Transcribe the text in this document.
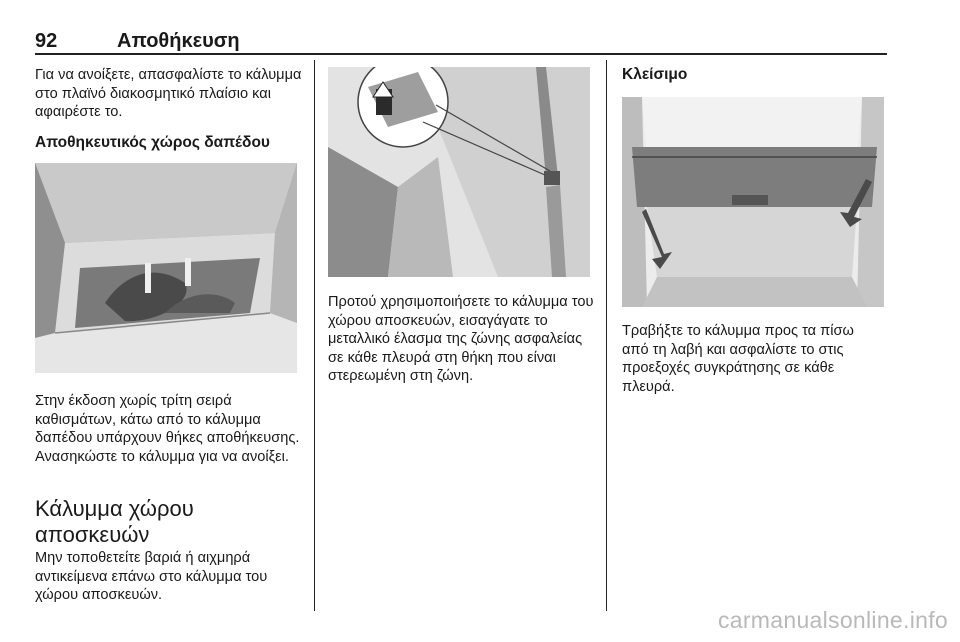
92	Αποθήκευση

Για να ανοίξετε, απασφαλίστε το κάλυμμα στο πλαϊνό διακοσμητικό πλαίσιο και αφαιρέστε το.

Αποθηκευτικός χώρος δαπέδου

Στην έκδοση χωρίς τρίτη σειρά καθισμάτων, κάτω από το κάλυμμα δαπέδου υπάρχουν θήκες αποθήκευσης. Ανασηκώστε το κάλυμμα για να ανοίξει.

Κάλυμμα χώρου αποσκευών

Μην τοποθετείτε βαριά ή αιχμηρά αντικείμενα επάνω στο κάλυμμα του χώρου αποσκευών.

Προτού χρησιμοποιήσετε το κάλυμμα του χώρου αποσκευών, εισαγάγατε το μεταλλικό έλασμα της ζώνης ασφαλείας σε κάθε πλευρά στη θήκη που είναι στερεωμένη στη ζώνη.

Κλείσιμο

Τραβήξτε το κάλυμμα προς τα πίσω από τη λαβή και ασφαλίστε το στις προεξοχές συγκράτησης σε κάθε πλευρά.

carmanualsonline.info
